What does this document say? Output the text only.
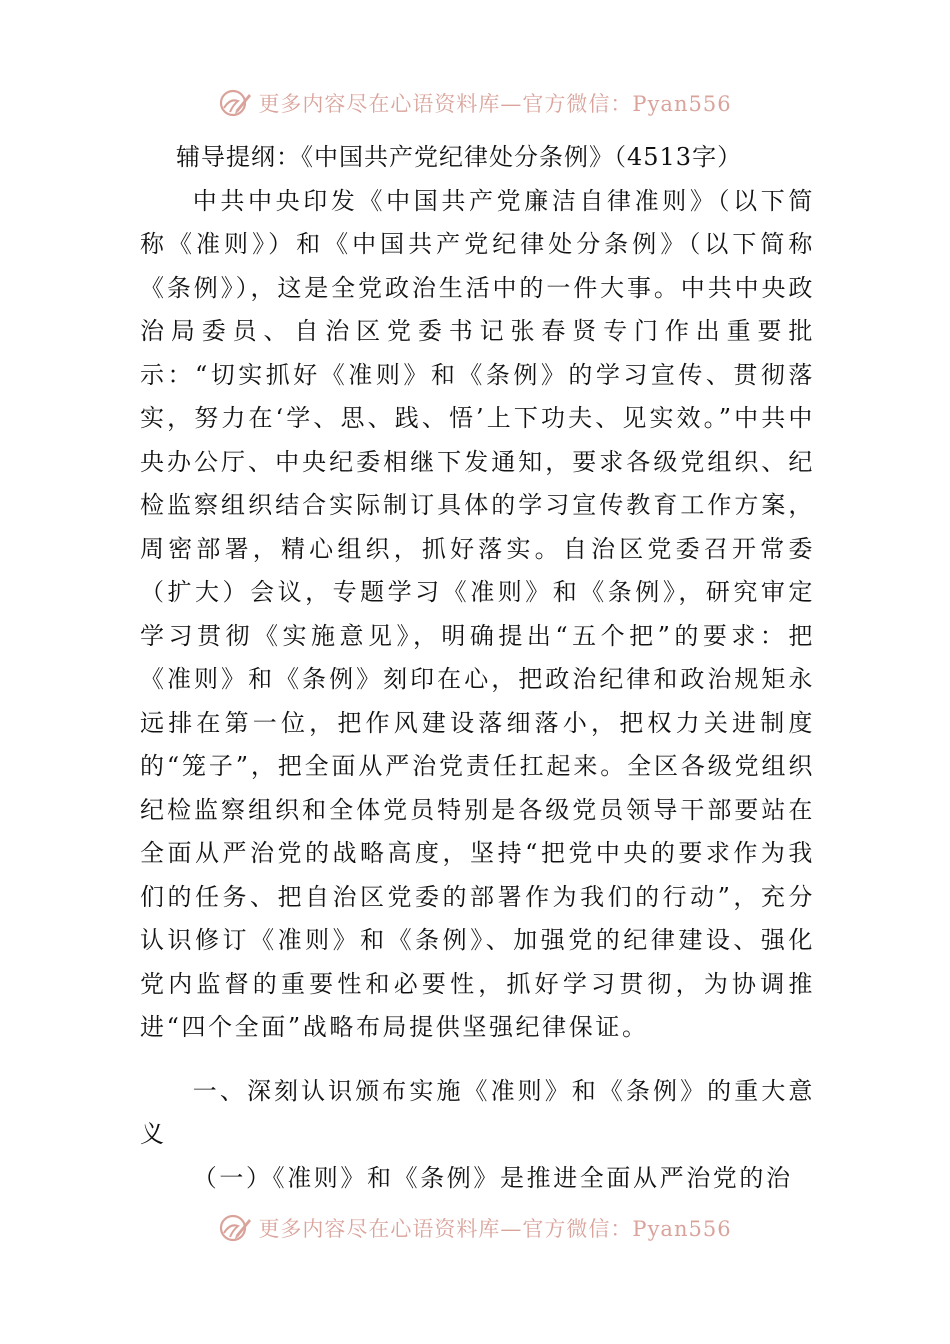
更多内容尽在心语资料库—官方微信：Pyan556
辅导提纲：《中国共产党纪律处分条例》（4513字）

中共中央印发《中国共产党廉洁自律准则》（以下简称《准则》）和《中国共产党纪律处分条例》（以下简称《条例》），这是全党政治生活中的一件大事。中共中央政治局委员、自治区党委书记张春贤专门作出重要批示：“切实抓好《准则》和《条例》的学习宣传、贯彻落实，努力在‘学、思、践、悟’上下功夫、见实效。”中共中央办公厅、中央纪委相继下发通知，要求各级党组织、纪检监察组织结合实际制订具体的学习宣传教育工作方案，周密部署，精心组织，抓好落实。自治区党委召开常委（扩大）会议，专题学习《准则》和《条例》，研究审定学习贯彻《实施意见》，明确提出“五个把”的要求：把《准则》和《条例》刻印在心，把政治纪律和政治规矩永远排在第一位，把作风建设落细落小，把权力关进制度的“笼子”，把全面从严治党责任扛起来。全区各级党组织纪检监察组织和全体党员特别是各级党员领导干部要站在全面从严治党的战略高度，坚持“把党中央的要求作为我们的任务、把自治区党委的部署作为我们的行动”，充分认识修订《准则》和《条例》、加强党的纪律建设、强化党内监督的重要性和必要性，抓好学习贯彻，为协调推进“四个全面”战略布局提供坚强纪律保证。

一、深刻认识颁布实施《准则》和《条例》的重大意义

（一）《准则》和《条例》是推进全面从严治党的治

更多内容尽在心语资料库—官方微信：Pyan556
